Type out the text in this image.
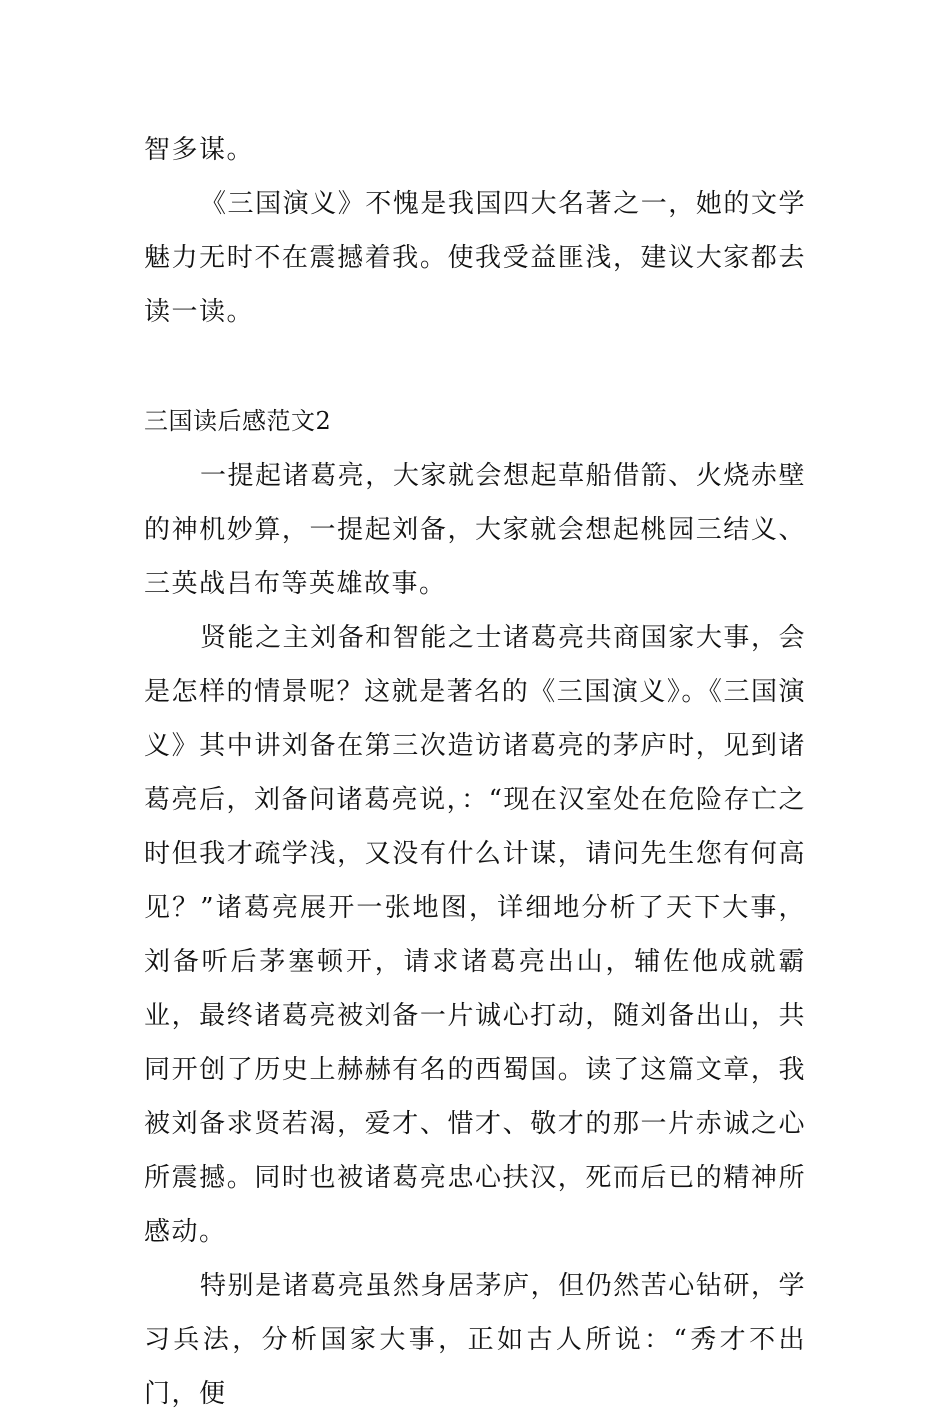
智多谋。

《三国演义》不愧是我国四大名著之一，她的文学魅力无时不在震撼着我。使我受益匪浅，建议大家都去读一读。

三国读后感范文2

一提起诸葛亮，大家就会想起草船借箭、火烧赤壁的神机妙算，一提起刘备，大家就会想起桃园三结义、三英战吕布等英雄故事。

贤能之主刘备和智能之士诸葛亮共商国家大事，会是怎样的情景呢？这就是著名的《三国演义》。《三国演义》其中讲刘备在第三次造访诸葛亮的茅庐时，见到诸葛亮后，刘备问诸葛亮说，：“现在汉室处在危险存亡之时但我才疏学浅，又没有什么计谋，请问先生您有何高见？”诸葛亮展开一张地图，详细地分析了天下大事，刘备听后茅塞顿开，请求诸葛亮出山，辅佐他成就霸业，最终诸葛亮被刘备一片诚心打动，随刘备出山，共同开创了历史上赫赫有名的西蜀国。读了这篇文章，我被刘备求贤若渴，爱才、惜才、敬才的那一片赤诚之心所震撼。同时也被诸葛亮忠心扶汉，死而后已的精神所感动。

特别是诸葛亮虽然身居茅庐，但仍然苦心钻研，学习兵法，分析国家大事，正如古人所说：“秀才不出门，便
